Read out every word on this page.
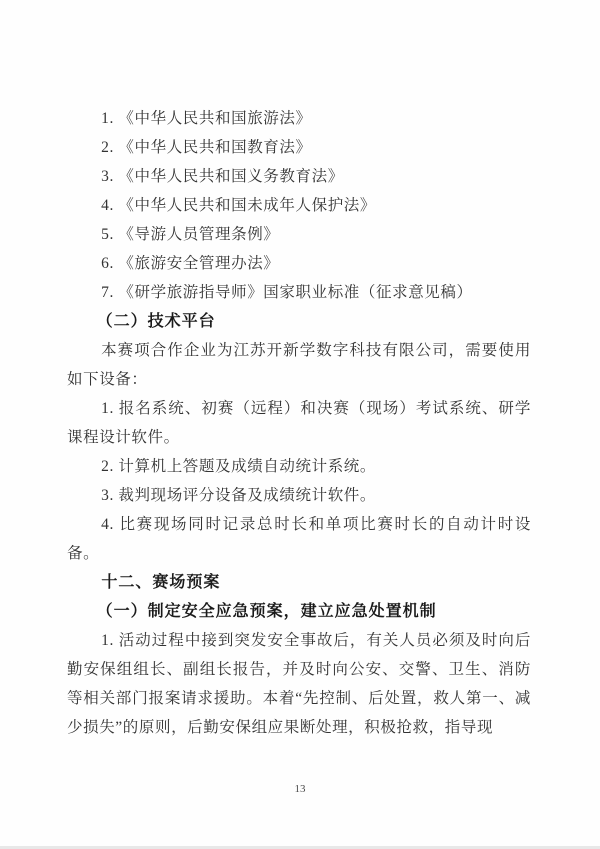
1. 《中华人民共和国旅游法》
2. 《中华人民共和国教育法》
3. 《中华人民共和国义务教育法》
4. 《中华人民共和国未成年人保护法》
5. 《导游人员管理条例》
6. 《旅游安全管理办法》
7. 《研学旅游指导师》国家职业标准（征求意见稿）
（二）技术平台

本赛项合作企业为江苏开新学数字科技有限公司，需要使用如下设备：

1. 报名系统、初赛（远程）和决赛（现场）考试系统、研学课程设计软件。

2. 计算机上答题及成绩自动统计系统。

3. 裁判现场评分设备及成绩统计软件。

4. 比赛现场同时记录总时长和单项比赛时长的自动计时设备。

十二、赛场预案
（一）制定安全应急预案，建立应急处置机制

1. 活动过程中接到突发安全事故后，有关人员必须及时向后勤安保组组长、副组长报告，并及时向公安、交警、卫生、消防等相关部门报案请求援助。本着“先控制、后处置，救人第一、减少损失”的原则，后勤安保组应果断处理，积极抢救，指导现

13
